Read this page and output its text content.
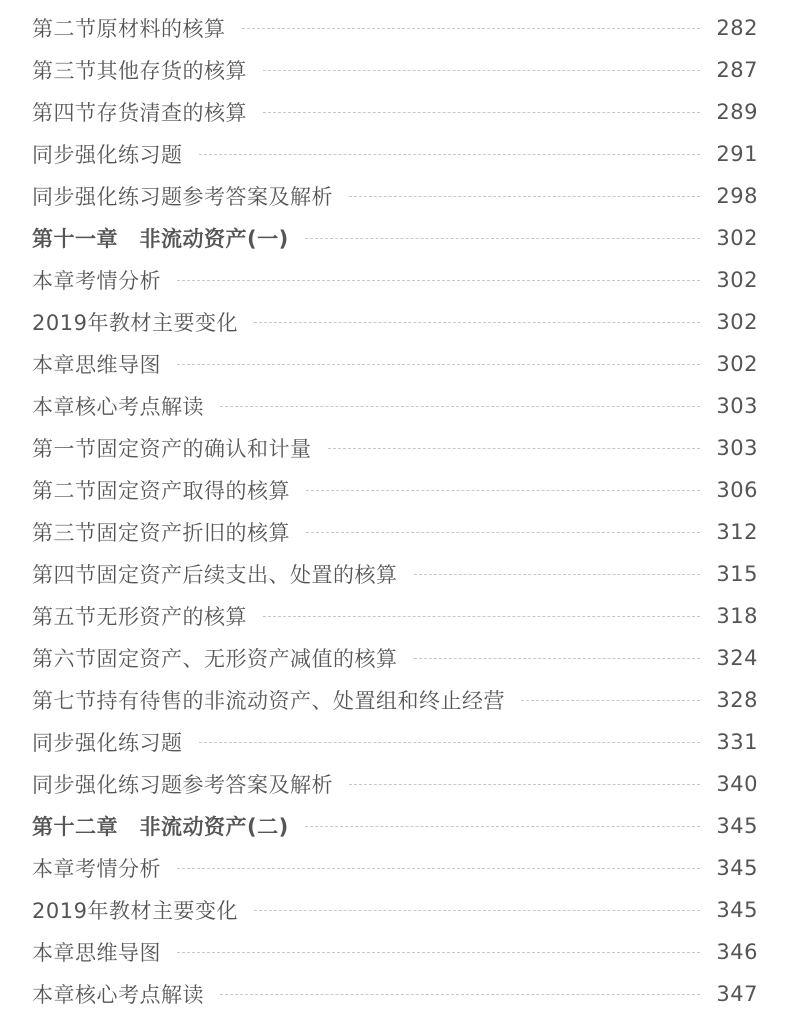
第二节原材料的核算	282
第三节其他存货的核算	287
第四节存货清查的核算	289
同步强化练习题	291
同步强化练习题参考答案及解析	298
第十一章　非流动资产(一)	302
本章考情分析	302
2019年教材主要变化	302
本章思维导图	302
本章核心考点解读	303
第一节固定资产的确认和计量	303
第二节固定资产取得的核算	306
第三节固定资产折旧的核算	312
第四节固定资产后续支出、处置的核算	315
第五节无形资产的核算	318
第六节固定资产、无形资产减值的核算	324
第七节持有待售的非流动资产、处置组和终止经营	328
同步强化练习题	331
同步强化练习题参考答案及解析	340
第十二章　非流动资产(二)	345
本章考情分析	345
2019年教材主要变化	345
本章思维导图	346
本章核心考点解读	347
